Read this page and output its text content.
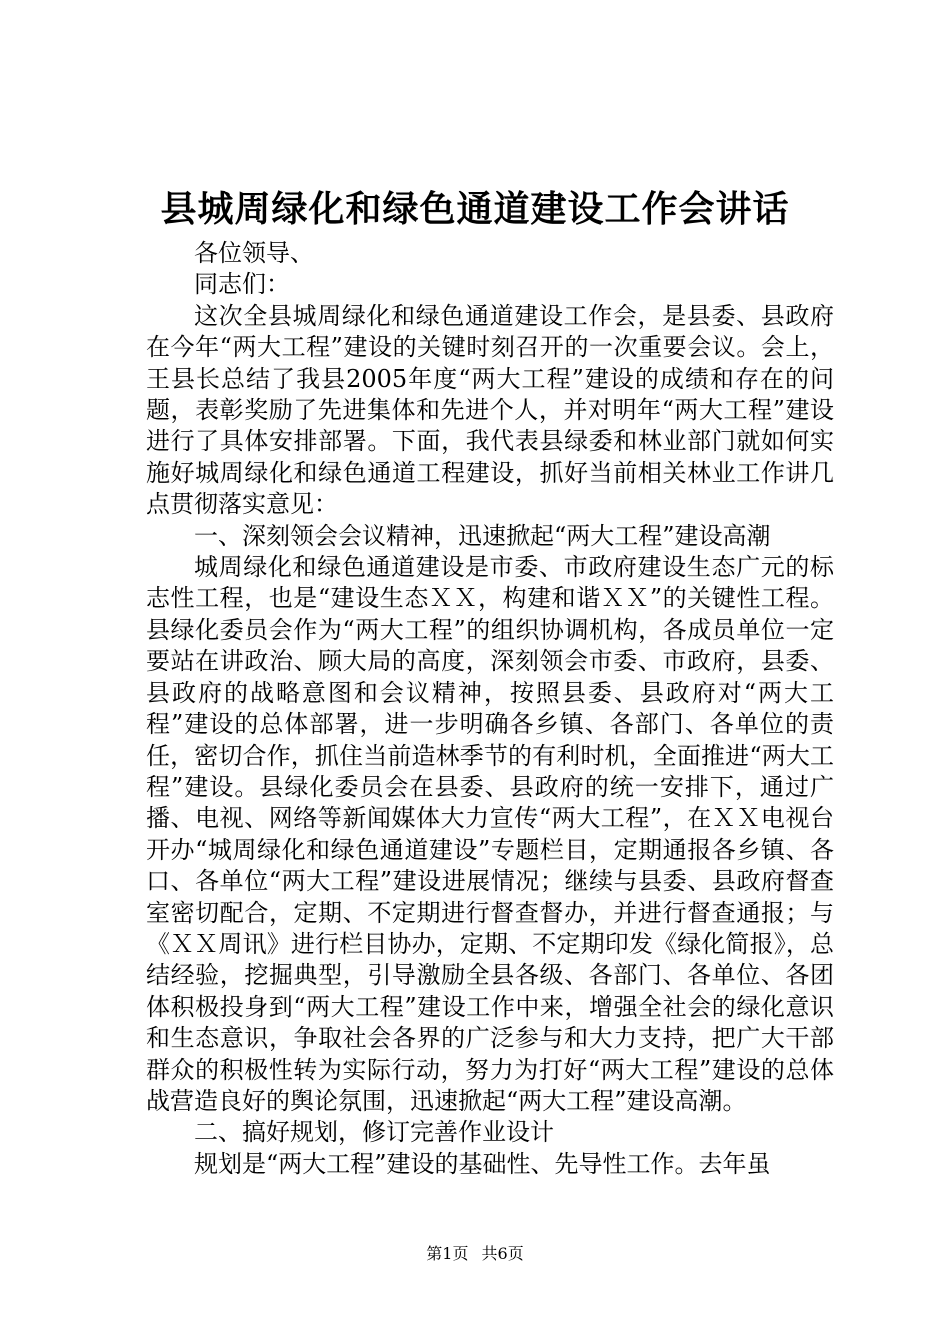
县城周绿化和绿色通道建设工作会讲话

各位领导、

同志们：

这次全县城周绿化和绿色通道建设工作会，是县委、县政府在今年“两大工程”建设的关键时刻召开的一次重要会议。会上，王县长总结了我县2005年度“两大工程”建设的成绩和存在的问题，表彰奖励了先进集体和先进个人，并对明年“两大工程”建设进行了具体安排部署。下面，我代表县绿委和林业部门就如何实施好城周绿化和绿色通道工程建设，抓好当前相关林业工作讲几点贯彻落实意见：

一、深刻领会会议精神，迅速掀起“两大工程”建设高潮

城周绿化和绿色通道建设是市委、市政府建设生态广元的标志性工程，也是“建设生态ＸＸ，构建和谐ＸＸ”的关键性工程。县绿化委员会作为“两大工程”的组织协调机构，各成员单位一定要站在讲政治、顾大局的高度，深刻领会市委、市政府，县委、县政府的战略意图和会议精神，按照县委、县政府对“两大工程”建设的总体部署，进一步明确各乡镇、各部门、各单位的责任，密切合作，抓住当前造林季节的有利时机，全面推进“两大工程”建设。县绿化委员会在县委、县政府的统一安排下，通过广播、电视、网络等新闻媒体大力宣传“两大工程”，在ＸＸ电视台开办“城周绿化和绿色通道建设”专题栏目，定期通报各乡镇、各口、各单位“两大工程”建设进展情况；继续与县委、县政府督查室密切配合，定期、不定期进行督查督办，并进行督查通报；与《ＸＸ周讯》进行栏目协办，定期、不定期印发《绿化简报》，总结经验，挖掘典型，引导激励全县各级、各部门、各单位、各团体积极投身到“两大工程”建设工作中来，增强全社会的绿化意识和生态意识，争取社会各界的广泛参与和大力支持，把广大干部群众的积极性转为实际行动，努力为打好“两大工程”建设的总体战营造良好的舆论氛围，迅速掀起“两大工程”建设高潮。

二、搞好规划，修订完善作业设计

规划是“两大工程”建设的基础性、先导性工作。去年虽

第1页 共6页
